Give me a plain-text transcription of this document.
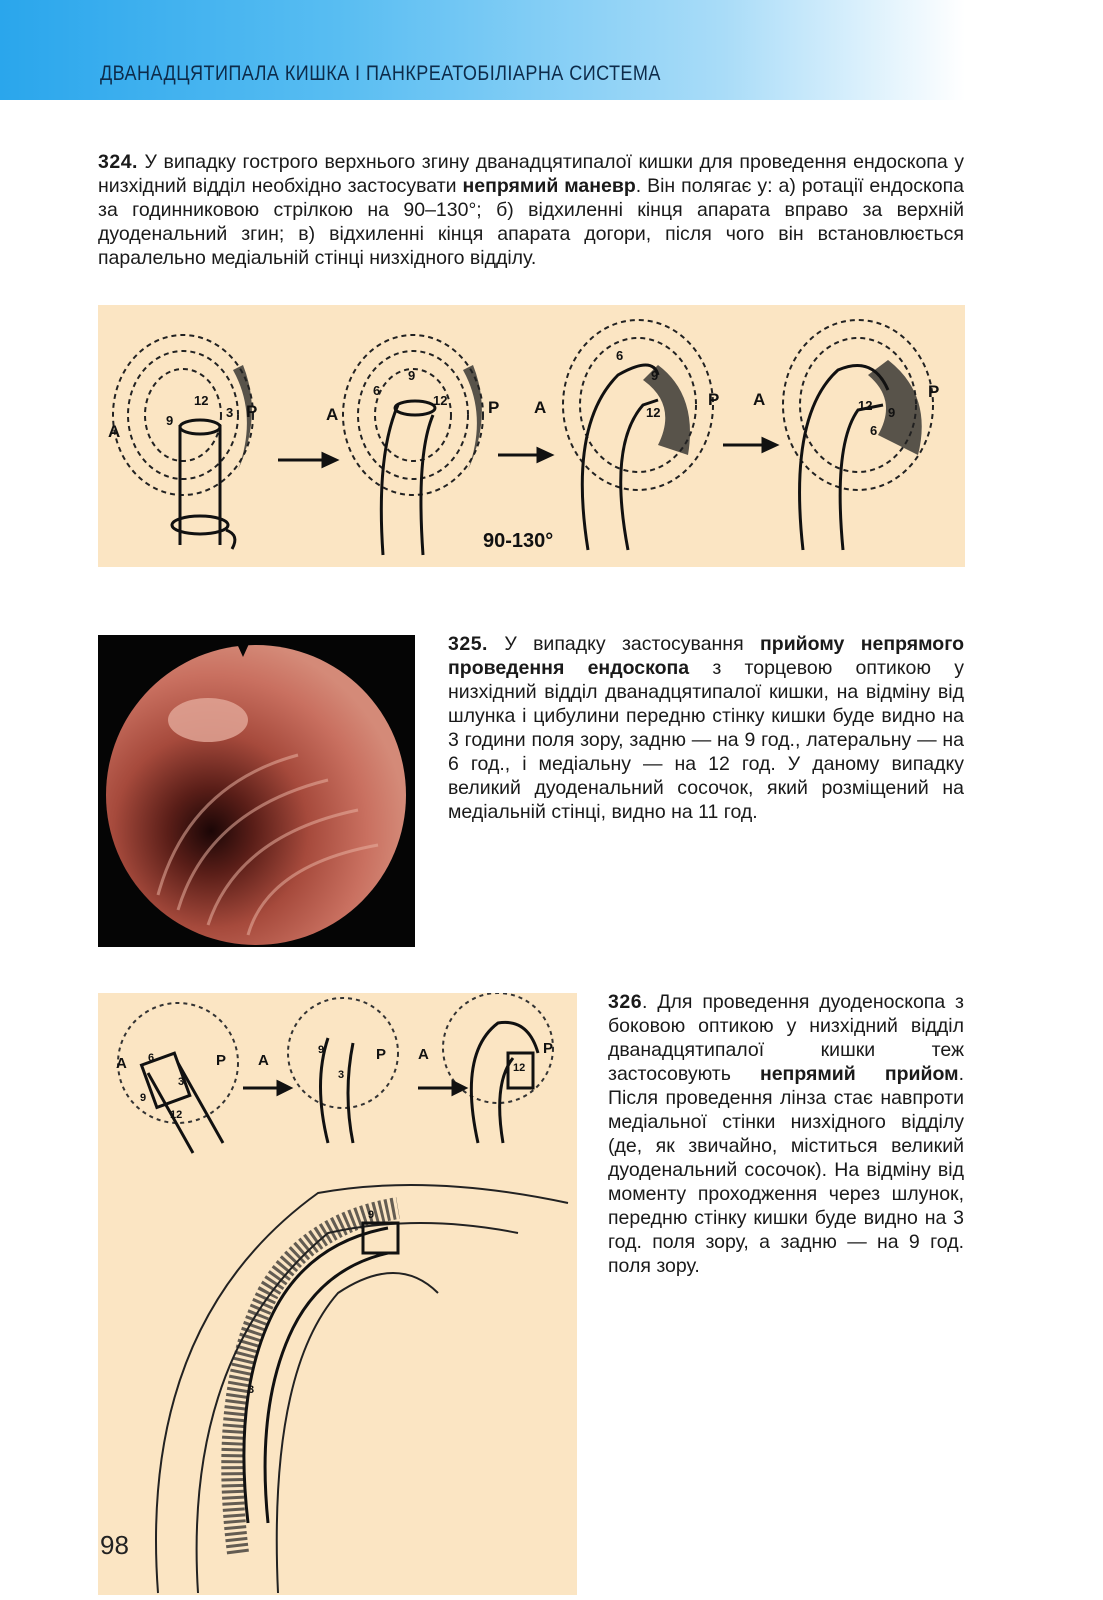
ДВАНАДЦЯТИПАЛА КИШКА І ПАНКРЕАТОБІЛІАРНА СИСТЕМА
324. У випадку гострого верхнього згину дванадцятипалої кишки для проведення ендоскопа у низхідний відділ необхідно застосувати непрямий маневр. Він полягає у: а) ротації ендоскопа за годинниковою стрілкою на 90–130°; б) відхиленні кінця апарата вправо за верхній дуоденальний згин; в) відхиленні кінця апарата догори, після чого він встановлюється паралельно медіальній стінці низхідного відділу.
A
P
12
9
3	A	P
9
6
12	A	P
6
9
12
A	P
12 9
6
90-130°
325. У випадку застосування прийому непрямого проведення ендоскопа з торцевою оптикою у низхідний відділ дванадцятипалої кишки, на відміну від шлунка і цибулини передню стінку кишки буде видно на 3 години поля зору, задню — на 9 год., латеральну — на 6 год., і медіальну — на 12 год. У даному випадку великий дуоденальний сосочок, який розміщений на медіальній стінці, видно на 11 год.
A	P
6
9
3
12
A	P
9
3
A	P
12
3
9
326. Для проведення дуоденоскопа з боковою оптикою у низхідний відділ дванадцятипалої кишки теж застосовують непрямий прийом. Після проведення лінза стає навпроти медіальної стінки низхідного відділу (де, як звичайно, міститься великий дуоденальний сосочок). На відміну від моменту проходження через шлунок, передню стінку кишки буде видно на 3 год. поля зору, а задню — на 9 год. поля зору.
98
